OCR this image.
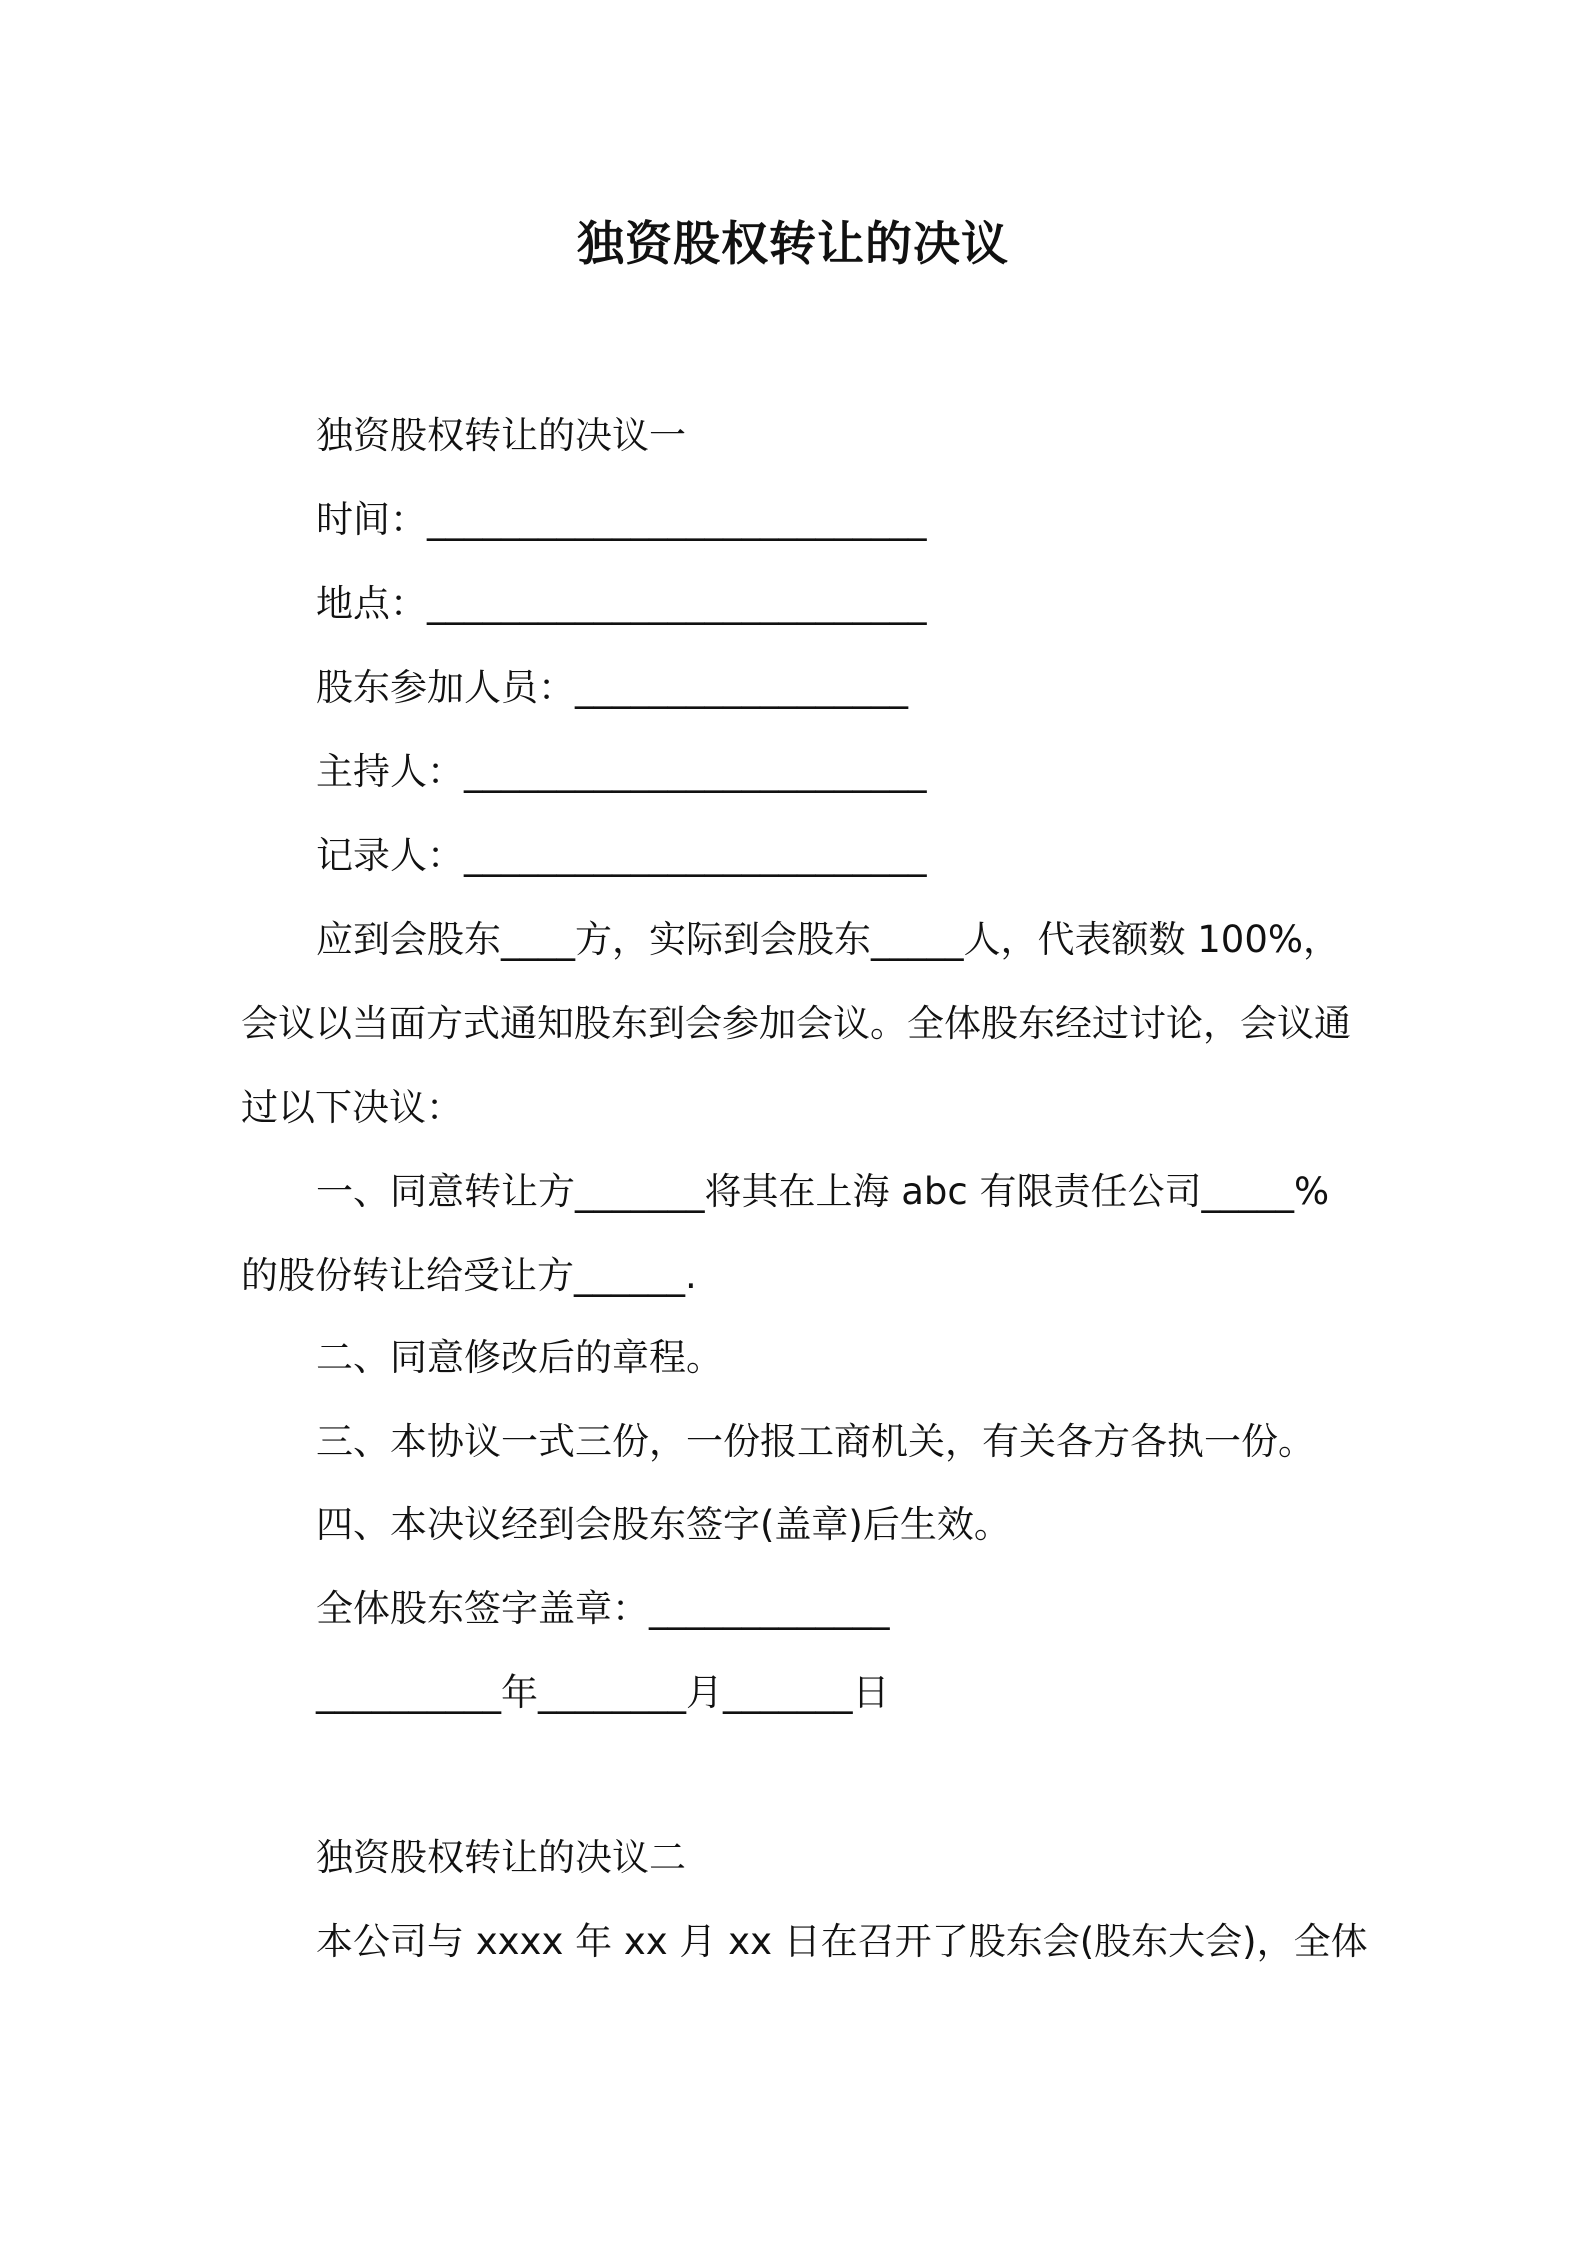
独资股权转让的决议
独资股权转让的决议一
时间：___________________________
地点：___________________________
股东参加人员：__________________
主持人：_________________________
记录人：_________________________
应到会股东____方，实际到会股东_____人，代表额数 100%，
会议以当面方式通知股东到会参加会议。全体股东经过讨论，会议通
过以下决议：
一、同意转让方_______将其在上海 abc 有限责任公司_____%
的股份转让给受让方______.
二、同意修改后的章程。
三、本协议一式三份，一份报工商机关，有关各方各执一份。
四、本决议经到会股东签字(盖章)后生效。
全体股东签字盖章：_____________
__________年________月_______日
独资股权转让的决议二
本公司与 xxxx 年 xx 月 xx 日在召开了股东会(股东大会)，全体
